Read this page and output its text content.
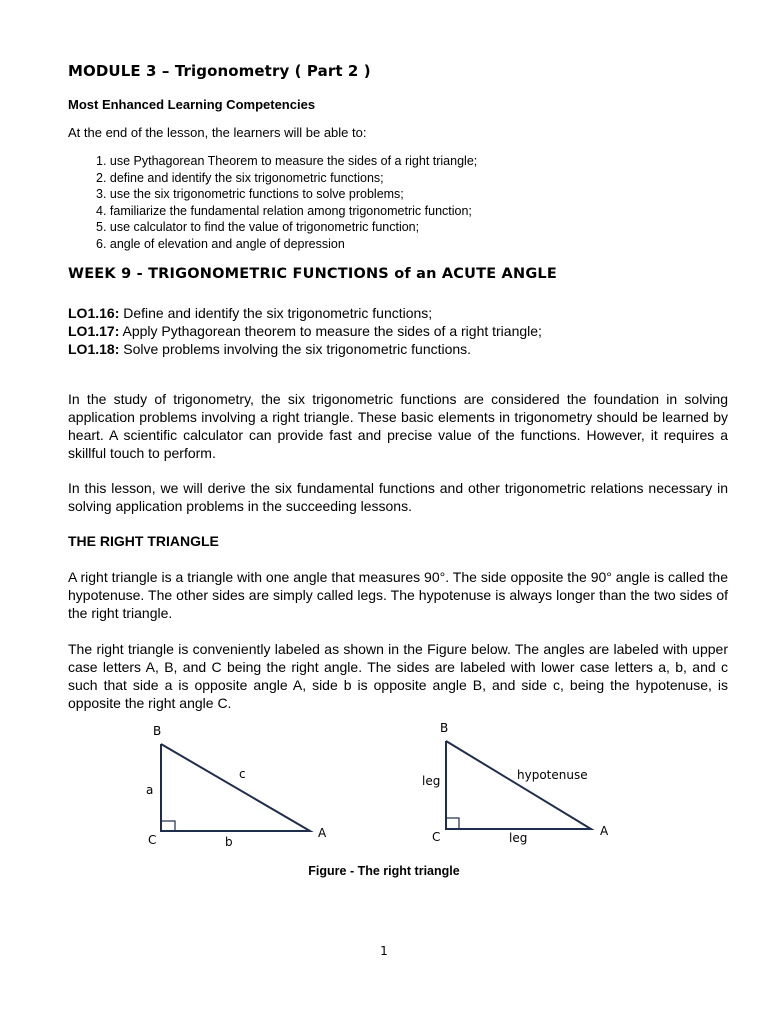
MODULE 3 – Trigonometry ( Part 2 )
Most Enhanced Learning Competencies
At the end of the lesson, the learners will be able to:
1. use Pythagorean Theorem to measure the sides of a right triangle;
2. define and identify the six trigonometric functions;
3. use the six trigonometric functions to solve problems;
4. familiarize the fundamental relation among trigonometric function;
5. use calculator to find the value of trigonometric function;
6. angle of elevation and angle of depression
WEEK 9 - TRIGONOMETRIC FUNCTIONS of an ACUTE ANGLE
LO1.16: Define and identify the six trigonometric functions;
LO1.17: Apply Pythagorean theorem to measure the sides of a right triangle;
LO1.18: Solve problems involving the six trigonometric functions.

In the study of trigonometry, the six trigonometric functions are considered the foundation in solving application problems involving a right triangle. These basic elements in trigonometry should be learned by heart. A scientific calculator can provide fast and precise value of the functions. However, it requires a skillful touch to perform.

In this lesson, we will derive the six fundamental functions and other trigonometric relations necessary in solving application problems in the succeeding lessons.

THE RIGHT TRIANGLE

A right triangle is a triangle with one angle that measures 90°. The side opposite the 90° angle is called the hypotenuse. The other sides are simply called legs. The hypotenuse is always longer than the two sides of the right triangle.

The right triangle is conveniently labeled as shown in the Figure below. The angles are labeled with upper case letters A, B, and C being the right angle. The sides are labeled with lower case letters a, b, and c such that side a is opposite angle A, side b is opposite angle B, and side c, being the hypotenuse, is opposite the right angle C.

B
a
c
C	b
A
B
leg	hypotenuse
C	leg	A
Figure - The right triangle
1
